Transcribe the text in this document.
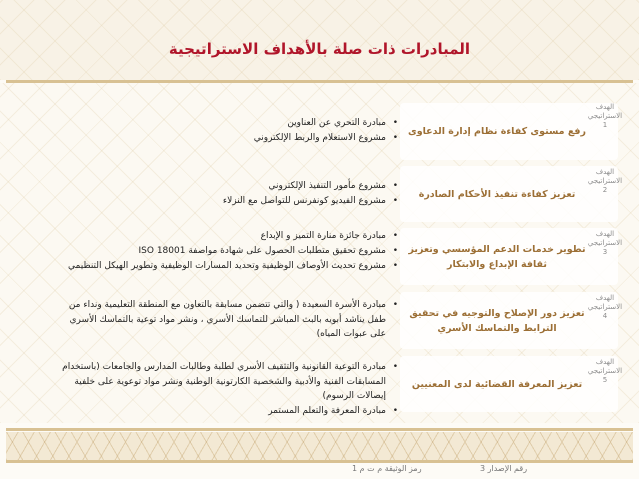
المبادرات ذات صلة بالأهداف الاستراتيجية
رفع مستوى كفاءة نظام إدارة الدعاوى
تعزيز كفاءة تنفيذ الأحكام الصادرة
تطوير خدمات الدعم المؤسسي وتعزيز ثقافة الإبداع والابتكار
تعزيز دور الإصلاح والتوجيه في تحقيق الترابط والتماسك الأسري
تعزيز المعرفة القضائية لدى المعنيين
الهدف
الاستراتيجي
1
الهدف
الاستراتيجي
2
الهدف
الاستراتيجي
3
الهدف
الاستراتيجي
4
الهدف
الاستراتيجي
5
• مبادرة التحري عن العناوين
• مشروع الاستعلام والربط الإلكتروني
• مشروع مأمور التنفيذ الإلكتروني
• مشروع الفيديو كونفرنس للتواصل مع النزلاء
• مبادرة جائزة منارة التميز و الإبداع
• مشروع تحقيق متطلبات الحصول على شهادة مواصفة ISO 18001
• مشروع تحديث الأوصاف الوظيفية وتحديد المسارات الوظيفية وتطوير الهيكل التنظيمي
• مبادرة الأسرة السعيدة ( والتي تتضمن مسابقة بالتعاون مع المنطقة التعليمية ونداء من طفل يناشد أبويه بالبث المباشر للتماسك الأسري ، ونشر مواد توعية بالتماسك الأسري على عبوات المياه)
• مبادرة التوعية القانونية والتثقيف الأسري لطلبة وطالبات المدارس والجامعات (باستخدام المسابقات الفنية والأدبية والشخصية الكارتونية الوطنية ونشر مواد توعوية على خلفية إيصالات الرسوم)
• مبادرة المعرفة والتعلم المستمر
رقم الإصدار 3
رمز الوثيقة م ت م 1
